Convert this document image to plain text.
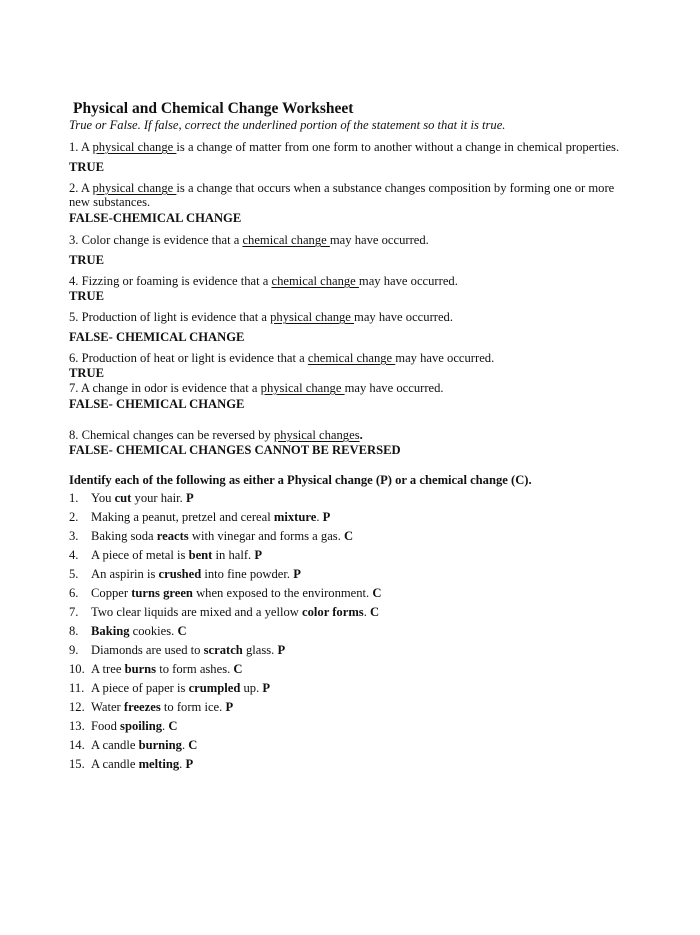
Physical and Chemical Change Worksheet
True or False. If false, correct the underlined portion of the statement so that it is true.
1. A physical change is a change of matter from one form to another without a change in chemical properties.
TRUE
2. A physical change is a change that occurs when a substance changes composition by forming one or more
new substances.
FALSE-CHEMICAL CHANGE
3. Color change is evidence that a chemical change may have occurred.
TRUE
4. Fizzing or foaming is evidence that a chemical change may have occurred.
TRUE
5. Production of light is evidence that a physical change may have occurred.
FALSE- CHEMICAL CHANGE
6. Production of heat or light is evidence that a chemical change may have occurred.
TRUE
7. A change in odor is evidence that a physical change may have occurred.
FALSE- CHEMICAL CHANGE
8. Chemical changes can be reversed by physical changes.
FALSE- CHEMICAL CHANGES CANNOT BE REVERSED
Identify each of the following as either a Physical change (P) or a chemical change (C).
1. You cut your hair. P
2. Making a peanut, pretzel and cereal mixture. P
3. Baking soda reacts with vinegar and forms a gas. C
4. A piece of metal is bent in half. P
5. An aspirin is crushed into fine powder. P
6. Copper turns green when exposed to the environment. C
7. Two clear liquids are mixed and a yellow color forms. C
8. Baking cookies. C
9. Diamonds are used to scratch glass. P
10. A tree burns to form ashes. C
11. A piece of paper is crumpled up. P
12. Water freezes to form ice. P
13. Food spoiling. C
14. A candle burning. C
15. A candle melting. P
